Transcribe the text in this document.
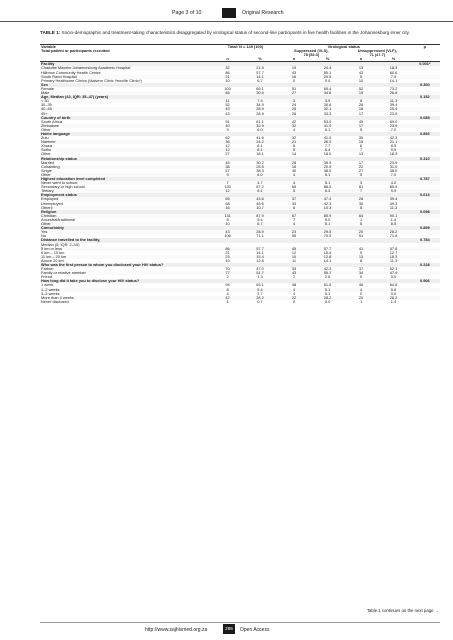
Page 3 of 10	Original Research
TABLE 1: Socio-demographic and treatment-taking characteristics disaggregated by virological status of second-line participants in five health facilities in the Johannesburg inner city.
Variable	Total: N = 149 (100)		Virological status				p
Total patient or participants recruited			Suppressed (VLS),		Unsuppressed (VLF),		
			78 (52.3)		71 (47.7)		
	n	%	n	%	n	%	
Facility							0.001*
Charlotte Maxeke Johannesburg Academic Hospital	32	21.5	19	24.4	13	18.3	
Hillbrow Community Health Centre	86	57.7	43	55.1	43	60.6	
South Rand Hospital	21	14.1	16	20.5	5	7.0	
Primary Healthcare Clinics (Malvern Clinic Yeoville Clinic†)	10	6.7	0	0.0	10	14.1	
Sex							0.300
Female	103	69.1	51	65.4	52	73.2	
Male	46	30.9	27	34.6	19	26.8	
Age, Median (42, IQR: 35–47) (years)							0.152
< 30	11	7.4	3	3.9	8	11.3	
30–39	52	34.9	24	30.8	28	39.4	
40–45	43	28.9	25	32.1	18	25.4	
45+	43	28.9	26	33.3	17	23.9	
Country of birth							0.085
South Africa	91	61.1	42	53.9	49	69.0	
Zimbabwe	49	32.9	32	41.0	17	23.9	
Other	9	6.0	4	5.1	5	7.0	
Home language							0.893
Zulu	62	41.6	32	41.0	30	42.3	
Ndebele	36	24.2	21	26.9	15	21.1	
Xhosa	12	8.1	6	7.7	6	8.5	
Sotho	12	8.1	5	6.4	7	9.9	
Other	27	18.1	14	18.0	13	18.3	
Relationship status							0.310
Married	45	30.2	28	35.9	17	23.9	
Cohabiting	38	25.5	16	20.5	22	31.0	
Single	57	38.3	30	38.5	27	38.0	
Other	9	6.0	4	5.1	5	7.0	
Highest education level completed							0.787
Never went to school	7	4.7	4	5.1	3	4.2	
Secondary or high school	130	87.2	69	88.5	61	85.9	
Tertiary	12	8.1	5	6.4	7	9.9	
Employment status							0.613
Employed	65	43.6	37	47.4	28	39.4	
Unemployed	68	45.6	33	42.3	35	49.3	
Other‡	16	10.7	8	10.3	8	11.3	
Religion							0.098
Christian	131	87.9	67	85.9	64	90.1	
Ancestral/traditional	8	5.4	7	9.0	1	1.4	
Other	10	6.7	4	5.1	6	8.5	
Comorbidity							0.899
Yes	43	28.9	23	29.5	20	28.2	
No	106	71.1	55	70.5	51	71.8	
Distance travelled to the facility,							0.784
Median (5, IQR: 2–15)							
5 km or less	86	57.7	45	57.7	41	57.8	
6 km – 10 km	21	14.1	12	15.4	9	12.7	
11 km – 20 km	23	15.4	10	12.8	13	18.3	
Above 20 km	19	12.8	11	14.1	8	11.3	
Who was the first person to whom you disclosed your HIV status?							0.228
Partner	70	47.0	33	42.3	37	52.1	
Family or relative member	77	51.7	43	55.1	34	47.9	
Friend	2	1.3	2	2.6	0	0.0	
How long did it take you to disclose your HIV status?							0.906
1 week	94	63.1	48	61.5	46	64.8	
1–2 weeks	8	5.4	4	5.1	4	5.6	
3–4 weeks	4	2.7	4	5.1	0	0.0	
More than 4 weeks	42	28.2	22	28.2	20	28.2	
Never disclosed	1	0.7	0	0.0	1	1.4	
Table 1 continues on the next page →
http://www.sajhivmed.org.za	285	Open Access
